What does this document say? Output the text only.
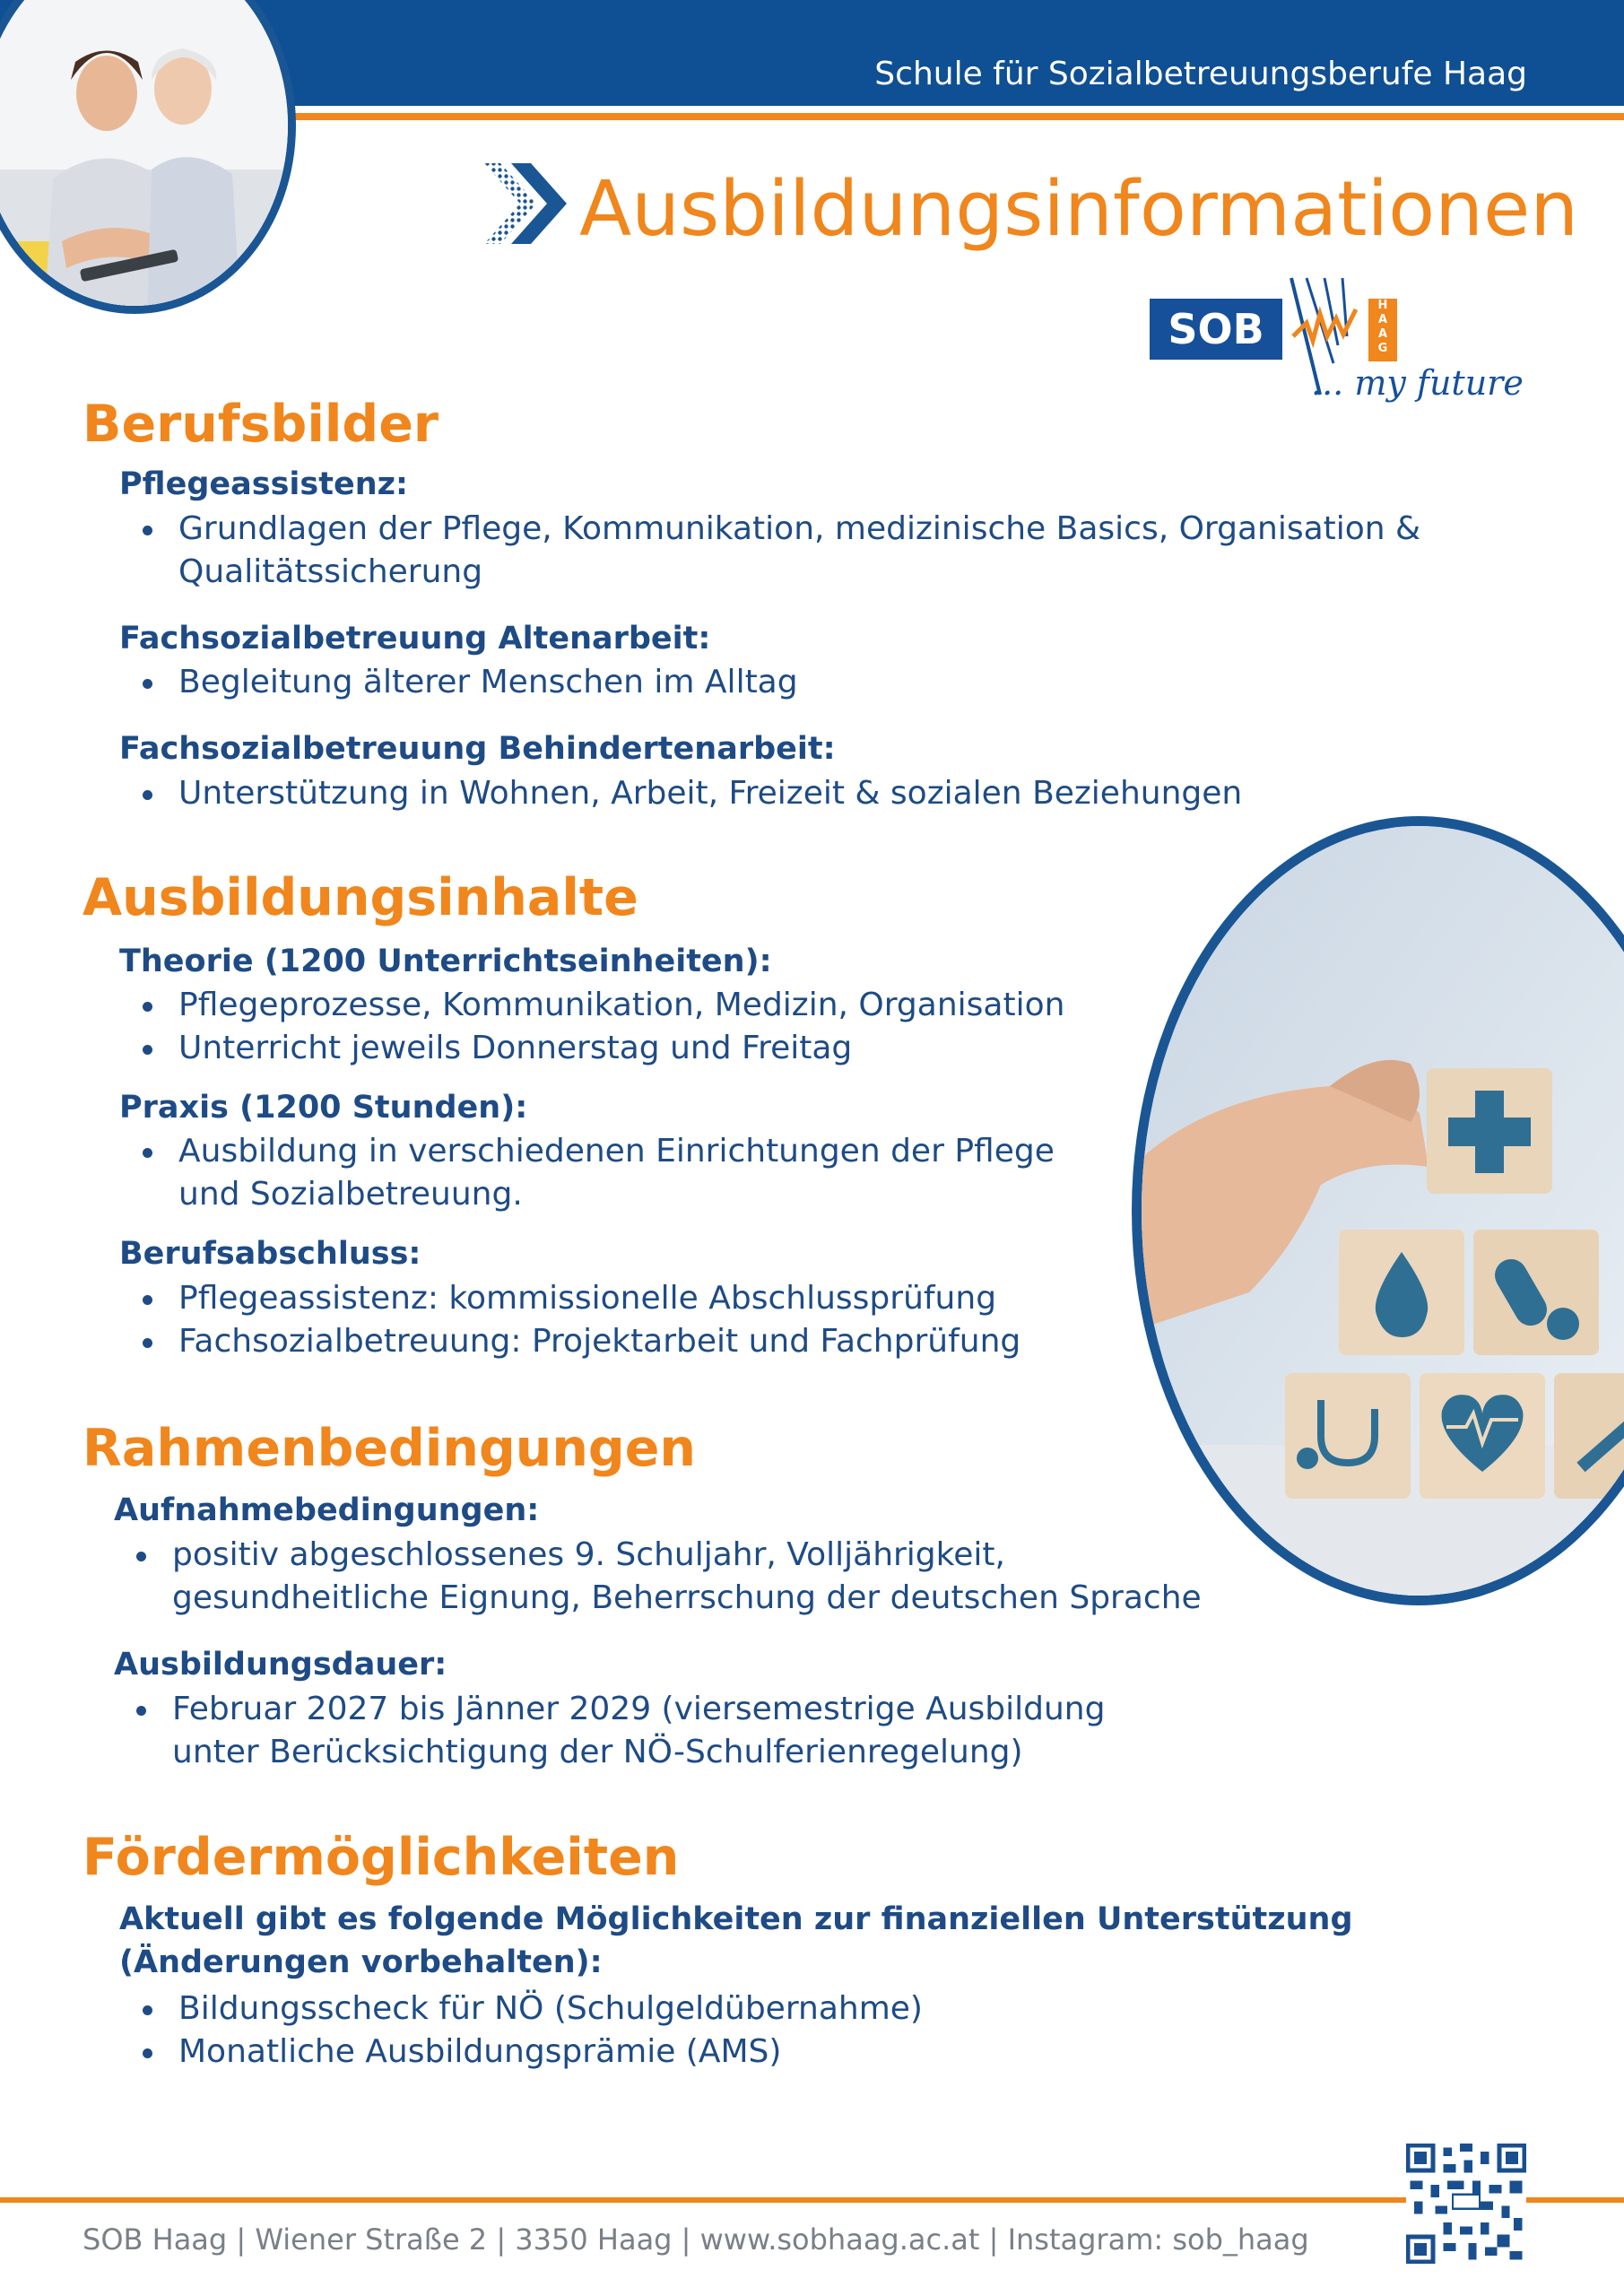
Schule für Sozialbetreuungsberufe Haag
Ausbildungsinformationen
SOB	H
A
A
G
... my future
Berufsbilder
Pflegeassistenz:
Grundlagen der Pflege, Kommunikation, medizinische Basics, Organisation &
Qualitätssicherung
Fachsozialbetreuung Altenarbeit:
Begleitung älterer Menschen im Alltag
Fachsozialbetreuung Behindertenarbeit:
Unterstützung in Wohnen, Arbeit, Freizeit & sozialen Beziehungen
Ausbildungsinhalte
Theorie (1200 Unterrichtseinheiten):
Pflegeprozesse, Kommunikation, Medizin, Organisation
Unterricht jeweils Donnerstag und Freitag
Praxis (1200 Stunden):
Ausbildung in verschiedenen Einrichtungen der Pflege
und Sozialbetreuung.
Berufsabschluss:
Pflegeassistenz: kommissionelle Abschlussprüfung
Fachsozialbetreuung: Projektarbeit und Fachprüfung
Rahmenbedingungen
Aufnahmebedingungen:
positiv abgeschlossenes 9. Schuljahr, Volljährigkeit,
gesundheitliche Eignung, Beherrschung der deutschen Sprache
Ausbildungsdauer:
Februar 2027 bis Jänner 2029 (viersemestrige Ausbildung
unter Berücksichtigung der NÖ-Schulferienregelung)
Fördermöglichkeiten
Aktuell gibt es folgende Möglichkeiten zur finanziellen Unterstützung
(Änderungen vorbehalten):
Bildungsscheck für NÖ (Schulgeldübernahme)
Monatliche Ausbildungsprämie (AMS)
SOB Haag | Wiener Straße 2 | 3350 Haag | www.sobhaag.ac.at | Instagram: sob_haag
